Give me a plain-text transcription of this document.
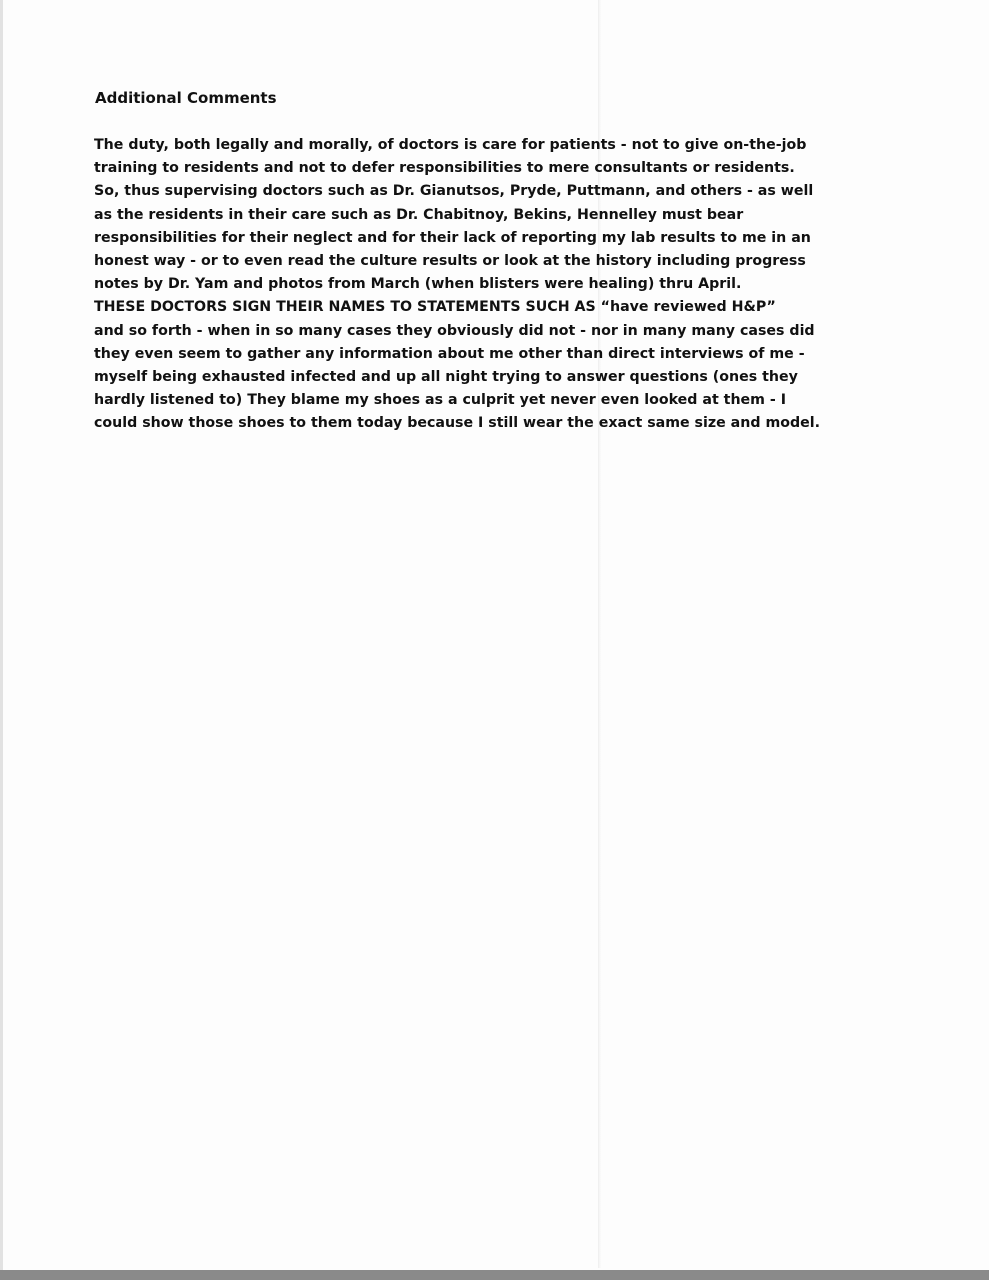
Additional Comments

The duty, both legally and morally, of doctors is care for patients - not to give on-the-job
training to residents and not to defer responsibilities to mere consultants or residents.
So, thus supervising doctors such as Dr. Gianutsos, Pryde, Puttmann, and others - as well
as the residents in their care such as Dr. Chabitnoy, Bekins, Hennelley must bear
responsibilities for their neglect and for their lack of reporting my lab results to me in an
honest way - or to even read the culture results or look at the history including progress
notes by Dr. Yam and photos from March (when blisters were healing) thru April.
THESE DOCTORS SIGN THEIR NAMES TO STATEMENTS SUCH AS “have reviewed H&P”
and so forth - when in so many cases they obviously did not - nor in many many cases did
they even seem to gather any information about me other than direct interviews of me -
myself being exhausted infected and up all night trying to answer questions (ones they
hardly listened to) They blame my shoes as a culprit yet never even looked at them - I
could show those shoes to them today because I still wear the exact same size and model.
